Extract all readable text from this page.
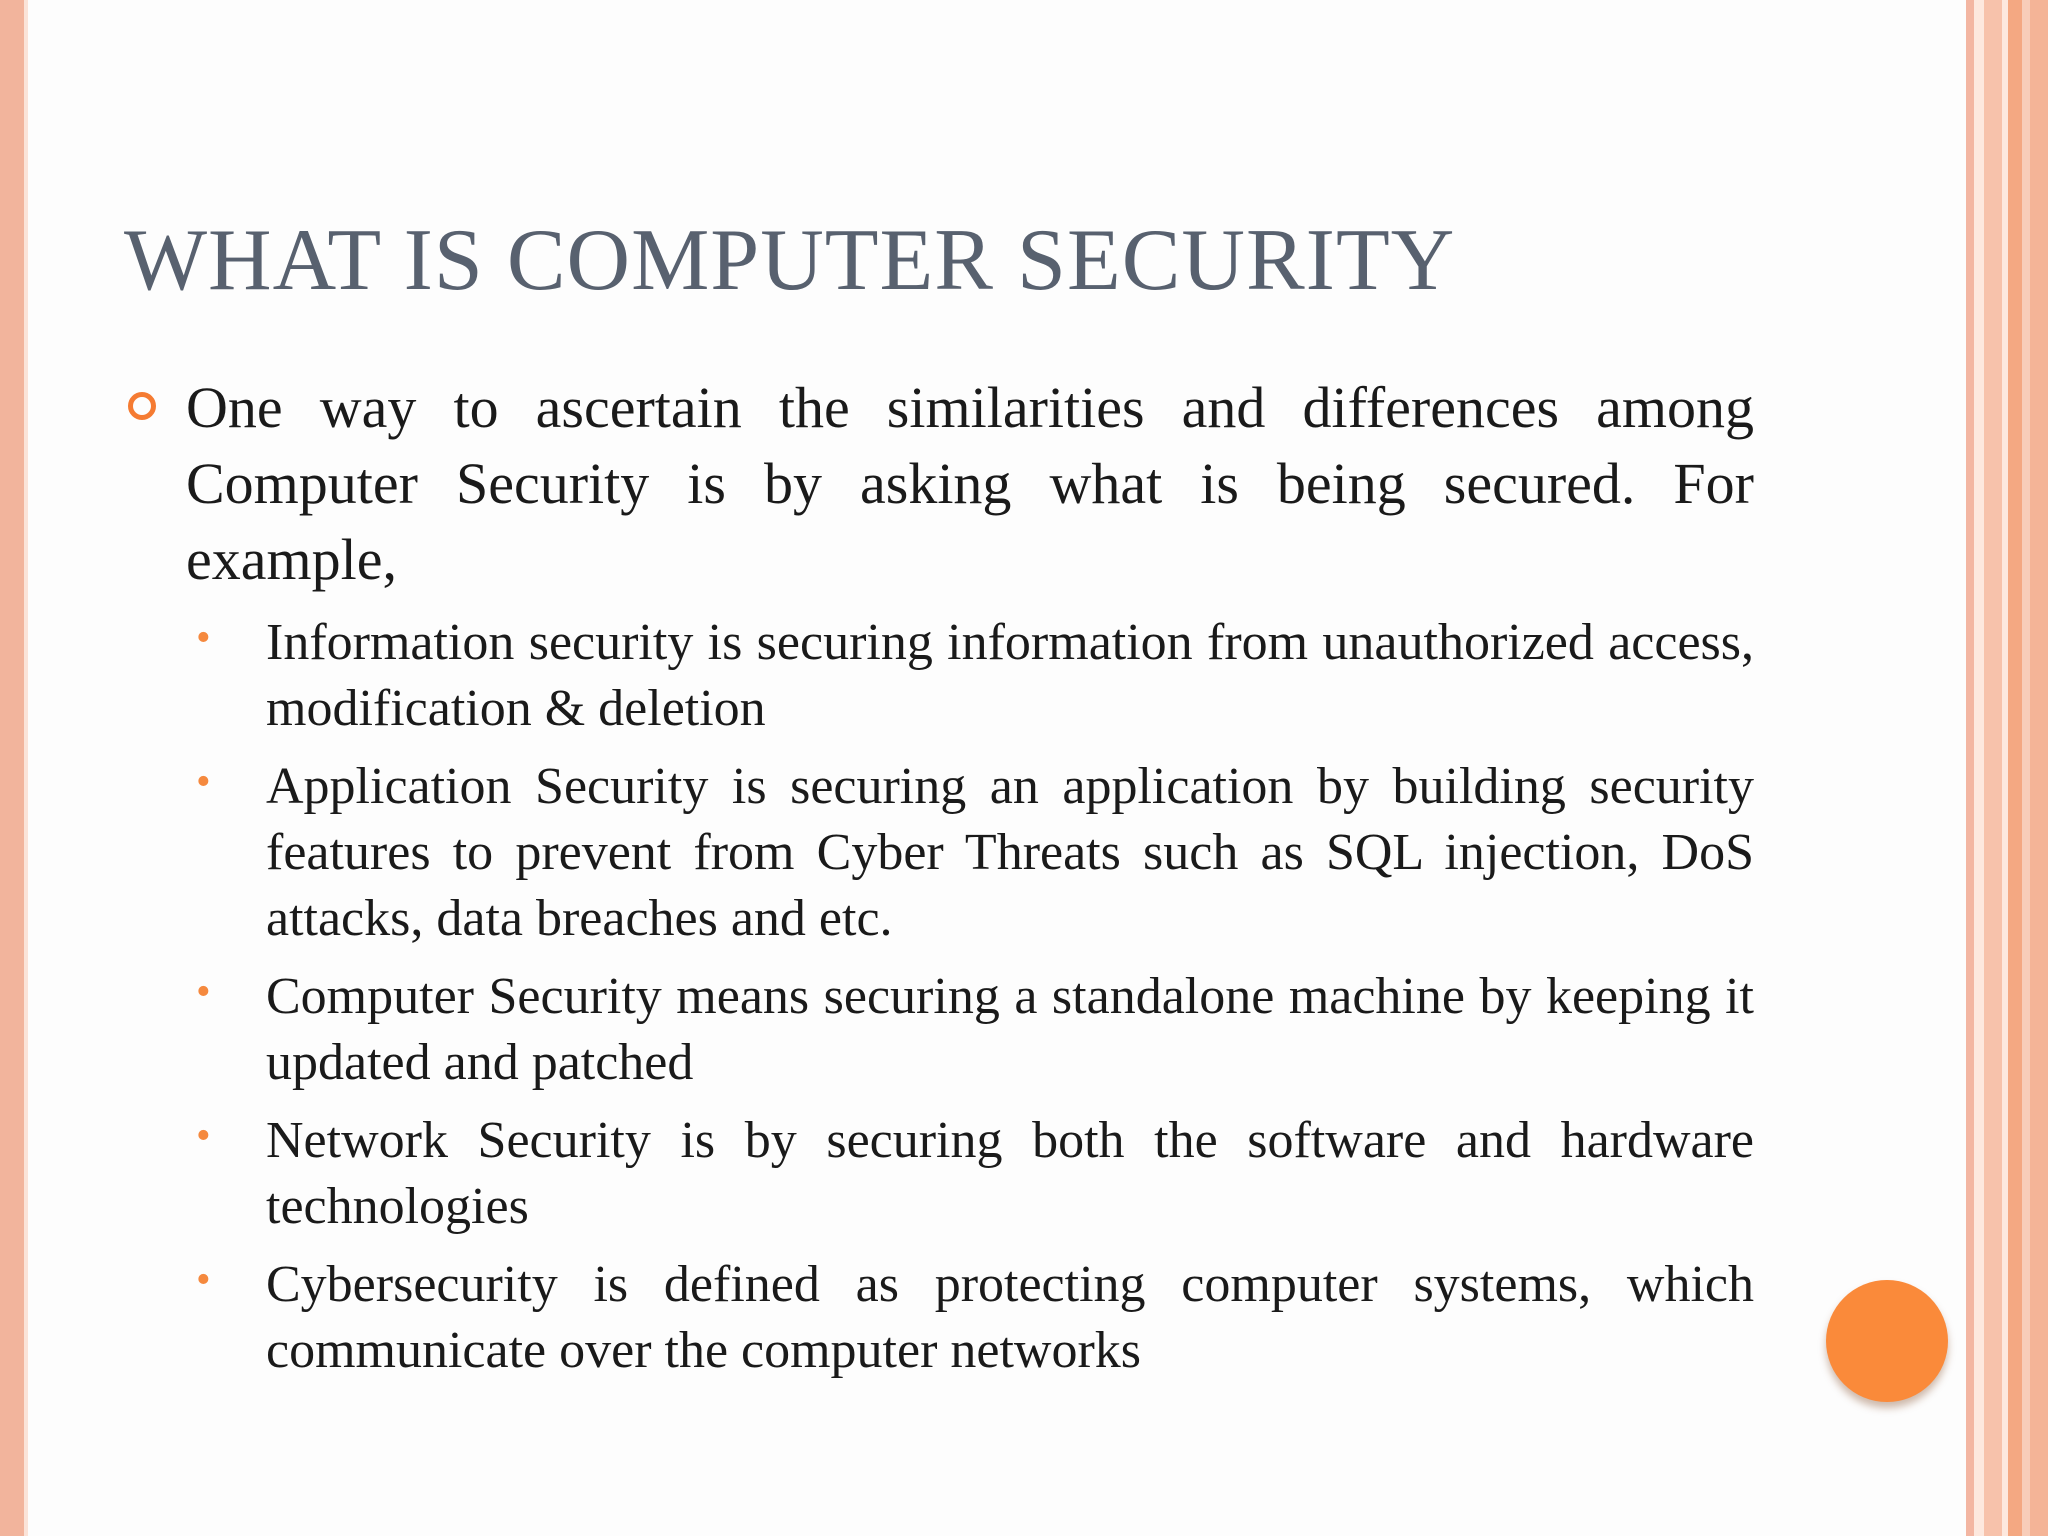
WHAT IS COMPUTER SECURITY

One way to ascertain the similarities and differences among Computer Security is by asking what is being secured. For example,

• Information security is securing information from unauthorized access, modification & deletion
• Application Security is securing an application by building security features to prevent from Cyber Threats such as SQL injection, DoS attacks, data breaches and etc.
• Computer Security means securing a standalone machine by keeping it updated and patched
• Network Security is by securing both the software and hardware technologies
• Cybersecurity is defined as protecting computer systems, which communicate over the computer networks
